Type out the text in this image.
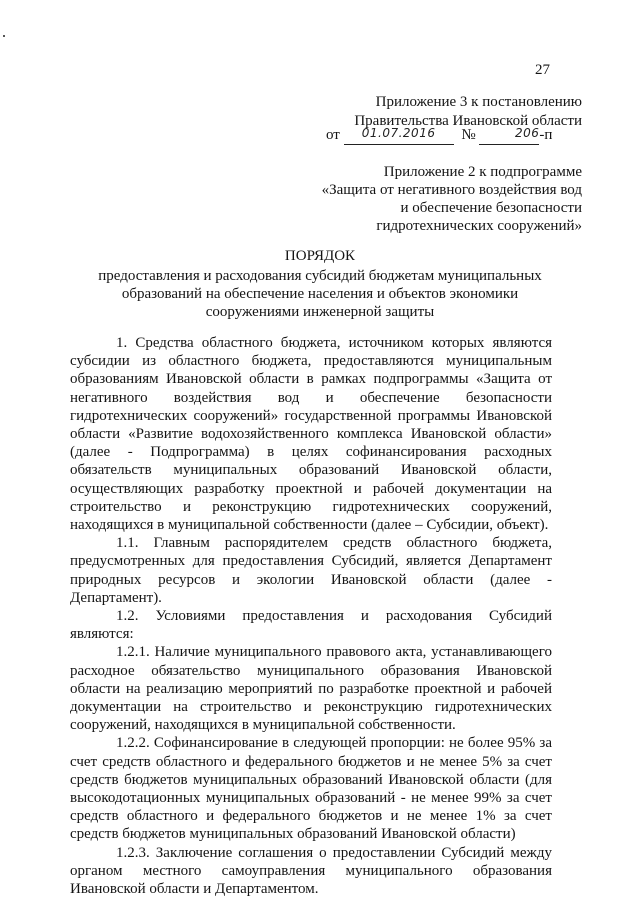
27
Приложение 3 к постановлению
Правительства Ивановской области
от 01.07.2016 №	206-п
Приложение 2 к подпрограмме
«Защита от негативного воздействия вод
и обеспечение безопасности
гидротехнических сооружений»
ПОРЯДОК
предоставления и расходования субсидий бюджетам муниципальных
образований на обеспечение населения и объектов экономики
сооружениями инженерной защиты

1. Средства областного бюджета, источником которых являются субсидии из областного бюджета, предоставляются муниципальным образованиям Ивановской области в рамках подпрограммы «Защита от негативного воздействия вод и обеспечение безопасности гидротехнических сооружений» государственной программы Ивановской области «Развитие водохозяйственного комплекса Ивановской области» (далее - Подпрограмма) в целях софинансирования расходных обязательств муниципальных образований Ивановской области, осуществляющих разработку проектной и рабочей документации на строительство и реконструкцию гидротехнических сооружений, находящихся в муниципальной собственности (далее – Субсидии, объект).

1.1. Главным распорядителем средств областного бюджета, предусмотренных для предоставления Субсидий, является Департамент природных ресурсов и экологии Ивановской области (далее - Департамент).

1.2. Условиями предоставления и расходования Субсидий являются:

1.2.1. Наличие муниципального правового акта, устанавливающего расходное обязательство муниципального образования Ивановской области на реализацию мероприятий по разработке проектной и рабочей документации на строительство и реконструкцию гидротехнических сооружений, находящихся в муниципальной собственности.

1.2.2. Софинансирование в следующей пропорции: не более 95% за счет средств областного и федерального бюджетов и не менее 5% за счет средств бюджетов муниципальных образований Ивановской области (для высокодотационных муниципальных образований - не менее 99% за счет средств областного и федерального бюджетов и не менее 1% за счет средств бюджетов муниципальных образований Ивановской области)

1.2.3. Заключение соглашения о предоставлении Субсидий между органом местного самоуправления муниципального образования Ивановской области и Департаментом.
